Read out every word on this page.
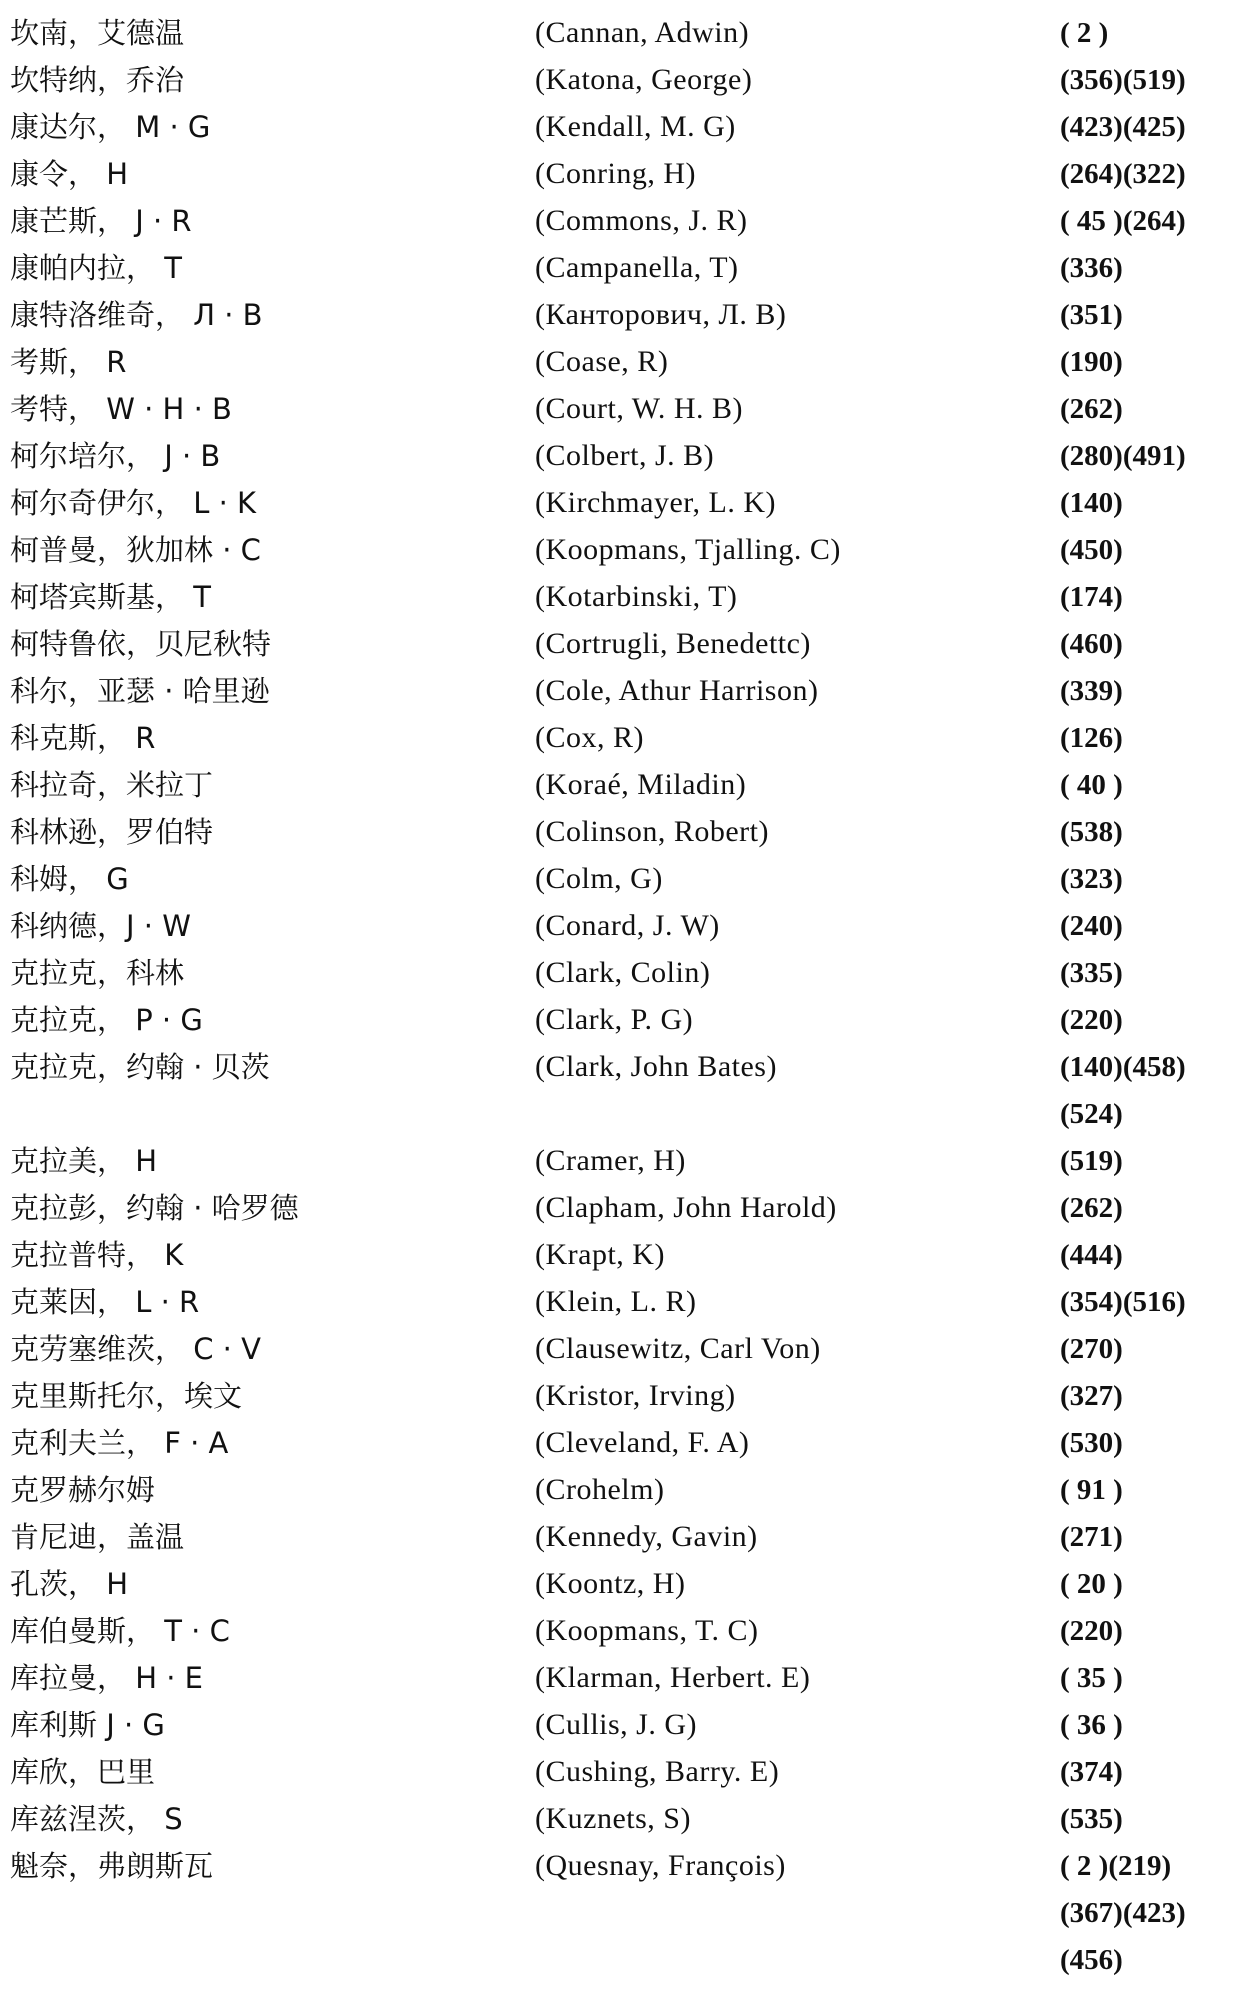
坎南，艾德温	(Cannan, Adwin)	( 2 )
坎特纳，乔治	(Katona, George)	(356)(519)
康达尔， M · G	(Kendall, M. G)	(423)(425)
康令， H	(Conring, H)	(264)(322)
康芒斯， J · R	(Commons, J. R)	( 45 )(264)
康帕内拉， T	(Campanella, T)	(336)
康特洛维奇， Л · B	(Канторович, Л. В)	(351)
考斯， R	(Coase, R)	(190)
考特， W · H · B	(Court, W. H. B)	(262)
柯尔培尔， J · B	(Colbert, J. B)	(280)(491)
柯尔奇伊尔， L · K	(Kirchmayer, L. K)	(140)
柯普曼，狄加林 · C	(Koopmans, Tjalling. C)	(450)
柯塔宾斯基， T	(Kotarbinski, T)	(174)
柯特鲁依，贝尼秋特	(Cortrugli, Benedettc)	(460)
科尔，亚瑟 · 哈里逊	(Cole, Athur Harrison)	(339)
科克斯， R	(Cox, R)	(126)
科拉奇，米拉丁	(Koraé, Miladin)	( 40 )
科林逊，罗伯特	(Colinson, Robert)	(538)
科姆， G	(Colm, G)	(323)
科纳德，J · W	(Conard, J. W)	(240)
克拉克，科林	(Clark, Colin)	(335)
克拉克， P · G	(Clark, P. G)	(220)
克拉克，约翰 · 贝茨	(Clark, John Bates)	(140)(458)
(524)
克拉美， H	(Cramer, H)	(519)
克拉彭，约翰 · 哈罗德	(Clapham, John Harold)	(262)
克拉普特， K	(Krapt, K)	(444)
克莱因， L · R	(Klein, L. R)	(354)(516)
克劳塞维茨， C · V	(Clausewitz, Carl Von)	(270)
克里斯托尔，埃文	(Kristor, Irving)	(327)
克利夫兰， F · A	(Cleveland, F. A)	(530)
克罗赫尔姆	(Crohelm)	( 91 )
肯尼迪，盖温	(Kennedy, Gavin)	(271)
孔茨， H	(Koontz, H)	( 20 )
库伯曼斯， T · C	(Koopmans, T. C)	(220)
库拉曼， H · E	(Klarman, Herbert. E)	( 35 )
库利斯 J · G	(Cullis, J. G)	( 36 )
库欣，巴里	(Cushing, Barry. E)	(374)
库兹涅茨， S	(Kuznets, S)	(535)
魁奈，弗朗斯瓦	(Quesnay, François)	( 2 )(219)
(367)(423)
(456)
